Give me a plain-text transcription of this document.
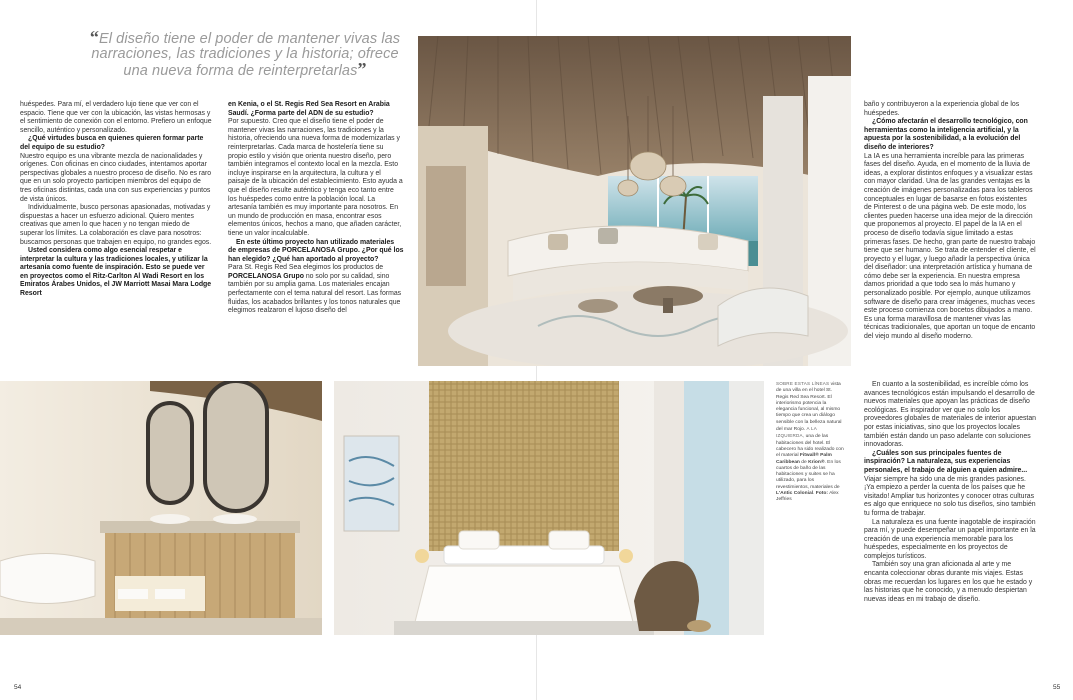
“El diseño tiene el poder de mantener vivas las narraciones, las tradiciones y la historia; ofrece una nueva forma de reinterpretarlas”

huéspedes. Para mí, el verdadero lujo tiene que ver con el espacio. Tiene que ver con la ubicación, las vistas hermosas y el sentimiento de conexión con el entorno. Prefiero un enfoque sencillo, auténtico y personalizado.

¿Qué virtudes busca en quienes quieren formar parte del equipo de su estudio?

Nuestro equipo es una vibrante mezcla de nacionalidades y orígenes. Con oficinas en cinco ciudades, intentamos aportar perspectivas globales a nuestro proceso de diseño. No es raro que en un solo proyecto participen miembros del equipo de tres oficinas distintas, cada una con sus experiencias y puntos de vista únicos.

Individualmente, busco personas apasionadas, motivadas y dispuestas a hacer un esfuerzo adicional. Quiero mentes creativas que amen lo que hacen y no tengan miedo de superar los límites. La colaboración es clave para nosotros: buscamos personas que trabajen en equipo, no grandes egos.

Usted considera como algo esencial respetar e interpretar la cultura y las tradiciones locales, y utilizar la artesanía como fuente de inspiración. Esto se puede ver en proyectos como el Ritz-Carlton Al Wadi Resort en los Emiratos Árabes Unidos, el JW Marriott Masai Mara Lodge Resort

en Kenia, o el St. Regis Red Sea Resort en Arabia Saudí. ¿Forma parte del ADN de su estudio?

Por supuesto. Creo que el diseño tiene el poder de mantener vivas las narraciones, las tradiciones y la historia, ofreciendo una nueva forma de modernizarlas y reinterpretarlas. Cada marca de hostelería tiene su propio estilo y visión que orienta nuestro diseño, pero también integramos el contexto local en la mezcla. Esto incluye inspirarse en la arquitectura, la cultura y el paisaje de la ubicación del establecimiento. Esto ayuda a que el diseño resulte auténtico y tenga eco tanto entre los huéspedes como entre la población local. La artesanía también es muy importante para nosotros. En un mundo de producción en masa, encontrar esos elementos únicos, hechos a mano, que añaden carácter, tiene un valor incalculable.

En este último proyecto han utilizado materiales de empresas de PORCELANOSA Grupo. ¿Por qué los han elegido? ¿Qué han aportado al proyecto?

Para St. Regis Red Sea elegimos los productos de PORCELANOSA Grupo no solo por su calidad, sino también por su amplia gama. Los materiales encajan perfectamente con el tema natural del resort. Las formas fluidas, los acabados brillantes y los tonos naturales que elegimos realzaron el lujoso diseño del

baño y contribuyeron a la experiencia global de los huéspedes.

¿Cómo afectarán el desarrollo tecnológico, con herramientas como la inteligencia artificial, y la apuesta por la sostenibilidad, a la evolución del diseño de interiores?

La IA es una herramienta increíble para las primeras fases del diseño. Ayuda, en el momento de la lluvia de ideas, a explorar distintos enfoques y a visualizar estas con mayor claridad. Una de las grandes ventajas es la creación de imágenes personalizadas para los tableros conceptuales en lugar de basarse en fotos existentes de Pinterest o de una página web. De este modo, los clientes pueden hacerse una idea mejor de la dirección que proponemos al proyecto. El papel de la IA en el proceso de diseño todavía sigue limitado a estas primeras fases. De hecho, gran parte de nuestro trabajo tiene que ser humano. Se trata de entender el cliente, el proyecto y el lugar, y luego añadir la perspectiva única del diseñador: una interpretación artística y humana de cómo debe ser la experiencia. En nuestra empresa damos prioridad a que todo sea lo más humano y personalizado posible. Por ejemplo, aunque utilizamos software de diseño para crear imágenes, muchas veces este proceso comienza con bocetos dibujados a mano. Es una forma maravillosa de mantener vivas las técnicas tradicionales, que aportan un toque de encanto del viejo mundo al diseño moderno.

En cuanto a la sostenibilidad, es increíble cómo los avances tecnológicos están impulsando el desarrollo de nuevos materiales que apoyan las prácticas de diseño ecológicas. Es inspirador ver que no solo los proveedores globales de materiales de interior apuestan por estas iniciativas, sino que los proyectos locales también están dando un paso adelante con soluciones innovadoras.

¿Cuáles son sus principales fuentes de inspiración? La naturaleza, sus experiencias personales, el trabajo de alguien a quien admire...

Viajar siempre ha sido una de mis grandes pasiones. ¡Ya empiezo a perder la cuenta de los países que he visitado! Ampliar tus horizontes y conocer otras culturas es algo que enriquece no solo tus diseños, sino también tu forma de trabajar.

La naturaleza es una fuente inagotable de inspiración para mí, y puede desempeñar un papel importante en la creación de una experiencia memorable para los huéspedes, especialmente en los proyectos de complejos turísticos.

También soy una gran aficionada al arte y me encanta coleccionar obras durante mis viajes. Estas obras me recuerdan los lugares en los que he estado y las historias que he conocido, y a menudo despiertan nuevas ideas en mi trabajo de diseño.

SOBRE ESTAS LÍNEAS vista de una villa en el hotel St. Regis Red Sea Resort. El interiorismo potencia la elegancia funcional, al mismo tiempo que crea un diálogo sensible con la belleza natural del mar Rojo. A LA IZQUIERDA, una de las habitaciones del hotel. El cabecero ha sido realizado con el material Fitwall® Palm Caribbean de Krion®. En los cuartos de baño de las habitaciones y suites se ha utilizado, para los revestimientos, materiales de L'Antic Colonial. Foto: Alex Jeffries
54	55
